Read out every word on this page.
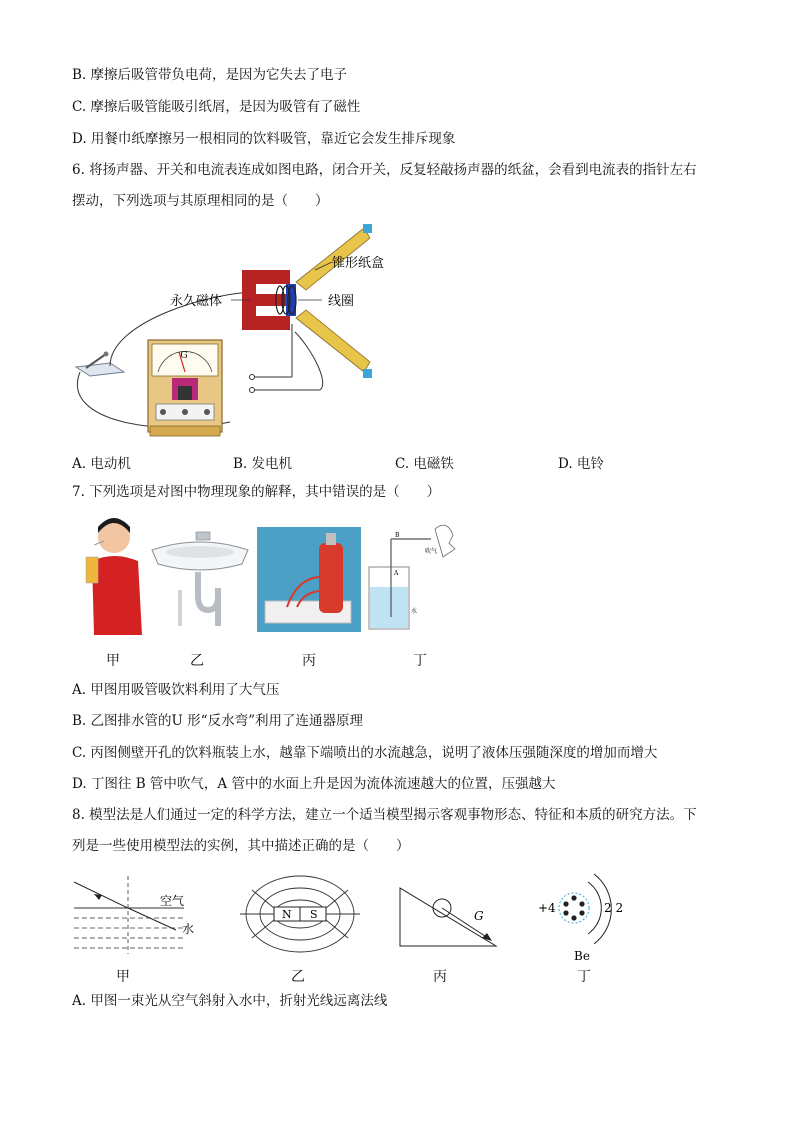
B. 摩擦后吸管带负电荷，是因为它失去了电子
C. 摩擦后吸管能吸引纸屑，是因为吸管有了磁性
D. 用餐巾纸摩擦另一根相同的饮料吸管，靠近它会发生排斥现象
6. 将扬声器、开关和电流表连成如图电路，闭合开关，反复轻敲扬声器的纸盆，会看到电流表的指针左右
摆动，下列选项与其原理相同的是（　　）
G
锥形纸盒
永久磁体	线圈
A. 电动机	B. 发电机	C. 电磁铁	D. 电铃
7. 下列选项是对图中物理现象的解释，其中错误的是（　　）
B
A
吹气
水
甲	乙	丙	丁
A. 甲图用吸管吸饮料利用了大气压
B. 乙图排水管的U 形“反水弯”利用了连通器原理
C. 丙图侧壁开孔的饮料瓶装上水，越靠下端喷出的水流越急，说明了液体压强随深度的增加而增大
D. 丁图往 B 管中吹气，A 管中的水面上升是因为流体流速越大的位置，压强越大
8. 模型法是人们通过一定的科学方法，建立一个适当模型揭示客观事物形态、特征和本质的研究方法。下
列是一些使用模型法的实例，其中描述正确的是（　　）
空气
水
N S	G
+4	2 2
Be
甲	乙	丙	丁
A. 甲图一束光从空气斜射入水中，折射光线远离法线
